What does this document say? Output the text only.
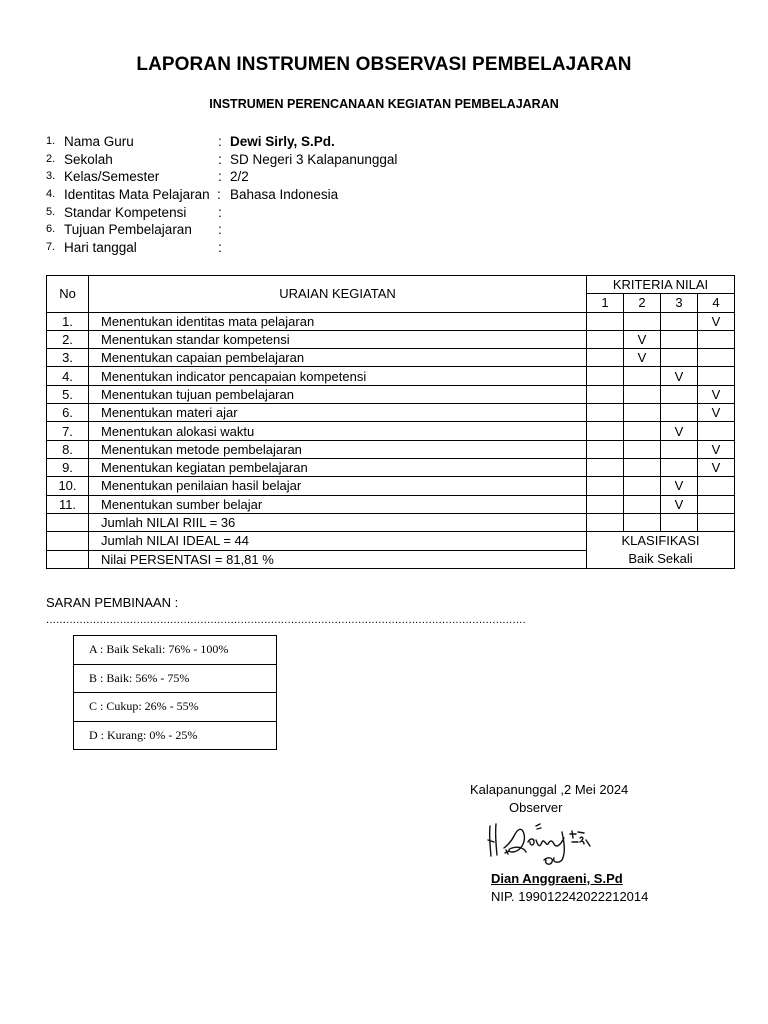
LAPORAN INSTRUMEN OBSERVASI PEMBELAJARAN
INSTRUMEN PERENCANAAN KEGIATAN PEMBELAJARAN
1. Nama Guru	: Dewi Sirly, S.Pd.
2. Sekolah	: SD Negeri 3 Kalapanunggal
3. Kelas/Semester	: 2/2
4. Identitas Mata Pelajaran : Bahasa Indonesia
5. Standar Kompetensi :
6. Tujuan Pembelajaran :
7. Hari tanggal	:
No	URAIAN KEGIATAN	KRITERIA NILAI			
		1	2	3	4
1.	Menentukan identitas mata pelajaran				V
2.	Menentukan standar kompetensi		V		
3.	Menentukan capaian pembelajaran		V		
4.	Menentukan indicator pencapaian kompetensi			V	
5.	Menentukan tujuan pembelajaran				V
6.	Menentukan materi ajar				V
7.	Menentukan alokasi waktu			V	
8.	Menentukan metode pembelajaran				V
9.	Menentukan kegiatan pembelajaran				V
10.	Menentukan penilaian hasil belajar			V	
11.	Menentukan sumber belajar			V	
	Jumlah NILAI RIIL = 36				
	Jumlah NILAI IDEAL = 44	KLASIFIKASI
Baik Sekali			

	Nilai PERSENTASI = 81,81 %				
SARAN PEMBINAAN :
...............................................................................................................................................
A : Baik Sekali: 76% - 100%
B : Baik: 56% - 75%
C : Cukup: 26% - 55%
D : Kurang: 0% - 25%
Kalapanunggal ,2 Mei 2024
Observer
Dian Anggraeni, S.Pd
NIP. 199012242022212014
